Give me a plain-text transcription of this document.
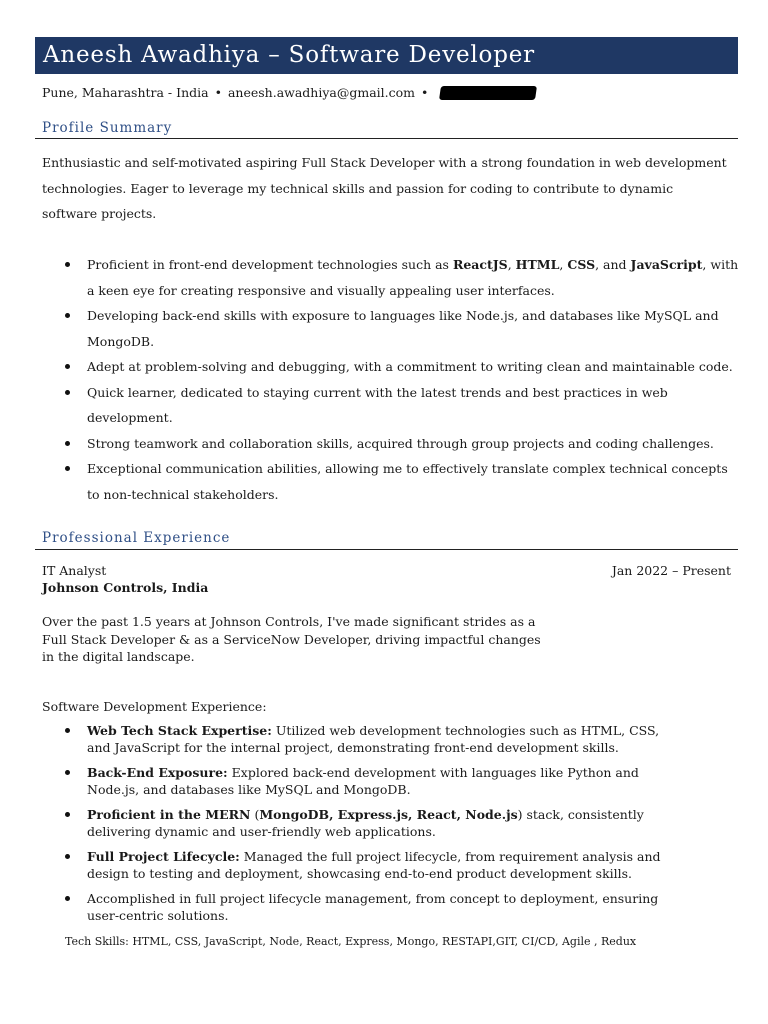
Aneesh Awadhiya – Software Developer
Pune, Maharashtra - India • aneesh.awadhiya@gmail.com •
Profile Summary

Enthusiastic and self-motivated aspiring Full Stack Developer with a strong foundation in web development technologies. Eager to leverage my technical skills and passion for coding to contribute to dynamic software projects.

Proficient in front-end development technologies such as ReactJS, HTML, CSS, and JavaScript, with a keen eye for creating responsive and visually appealing user interfaces.
Developing back-end skills with exposure to languages like Node.js, and databases like MySQL and MongoDB.
Adept at problem-solving and debugging, with a commitment to writing clean and maintainable code.
Quick learner, dedicated to staying current with the latest trends and best practices in web development.
Strong teamwork and collaboration skills, acquired through group projects and coding challenges.
Exceptional communication abilities, allowing me to effectively translate complex technical concepts to non-technical stakeholders.
Professional Experience
IT Analyst	Jan 2022 – Present
Johnson Controls, India

Over the past 1.5 years at Johnson Controls, I've made significant strides as a Full Stack Developer & as a ServiceNow Developer, driving impactful changes in the digital landscape.

Software Development Experience:
Web Tech Stack Expertise: Utilized web development technologies such as HTML, CSS, and JavaScript for the internal project, demonstrating front-end development skills.
Back-End Exposure: Explored back-end development with languages like Python and Node.js, and databases like MySQL and MongoDB.
Proficient in the MERN (MongoDB, Express.js, React, Node.js) stack, consistently delivering dynamic and user-friendly web applications.
Full Project Lifecycle: Managed the full project lifecycle, from requirement analysis and design to testing and deployment, showcasing end-to-end product development skills.
Accomplished in full project lifecycle management, from concept to deployment, ensuring user-centric solutions.
Tech Skills: HTML, CSS, JavaScript, Node, React, Express, Mongo, RESTAPI,GIT, CI/CD, Agile , Redux
